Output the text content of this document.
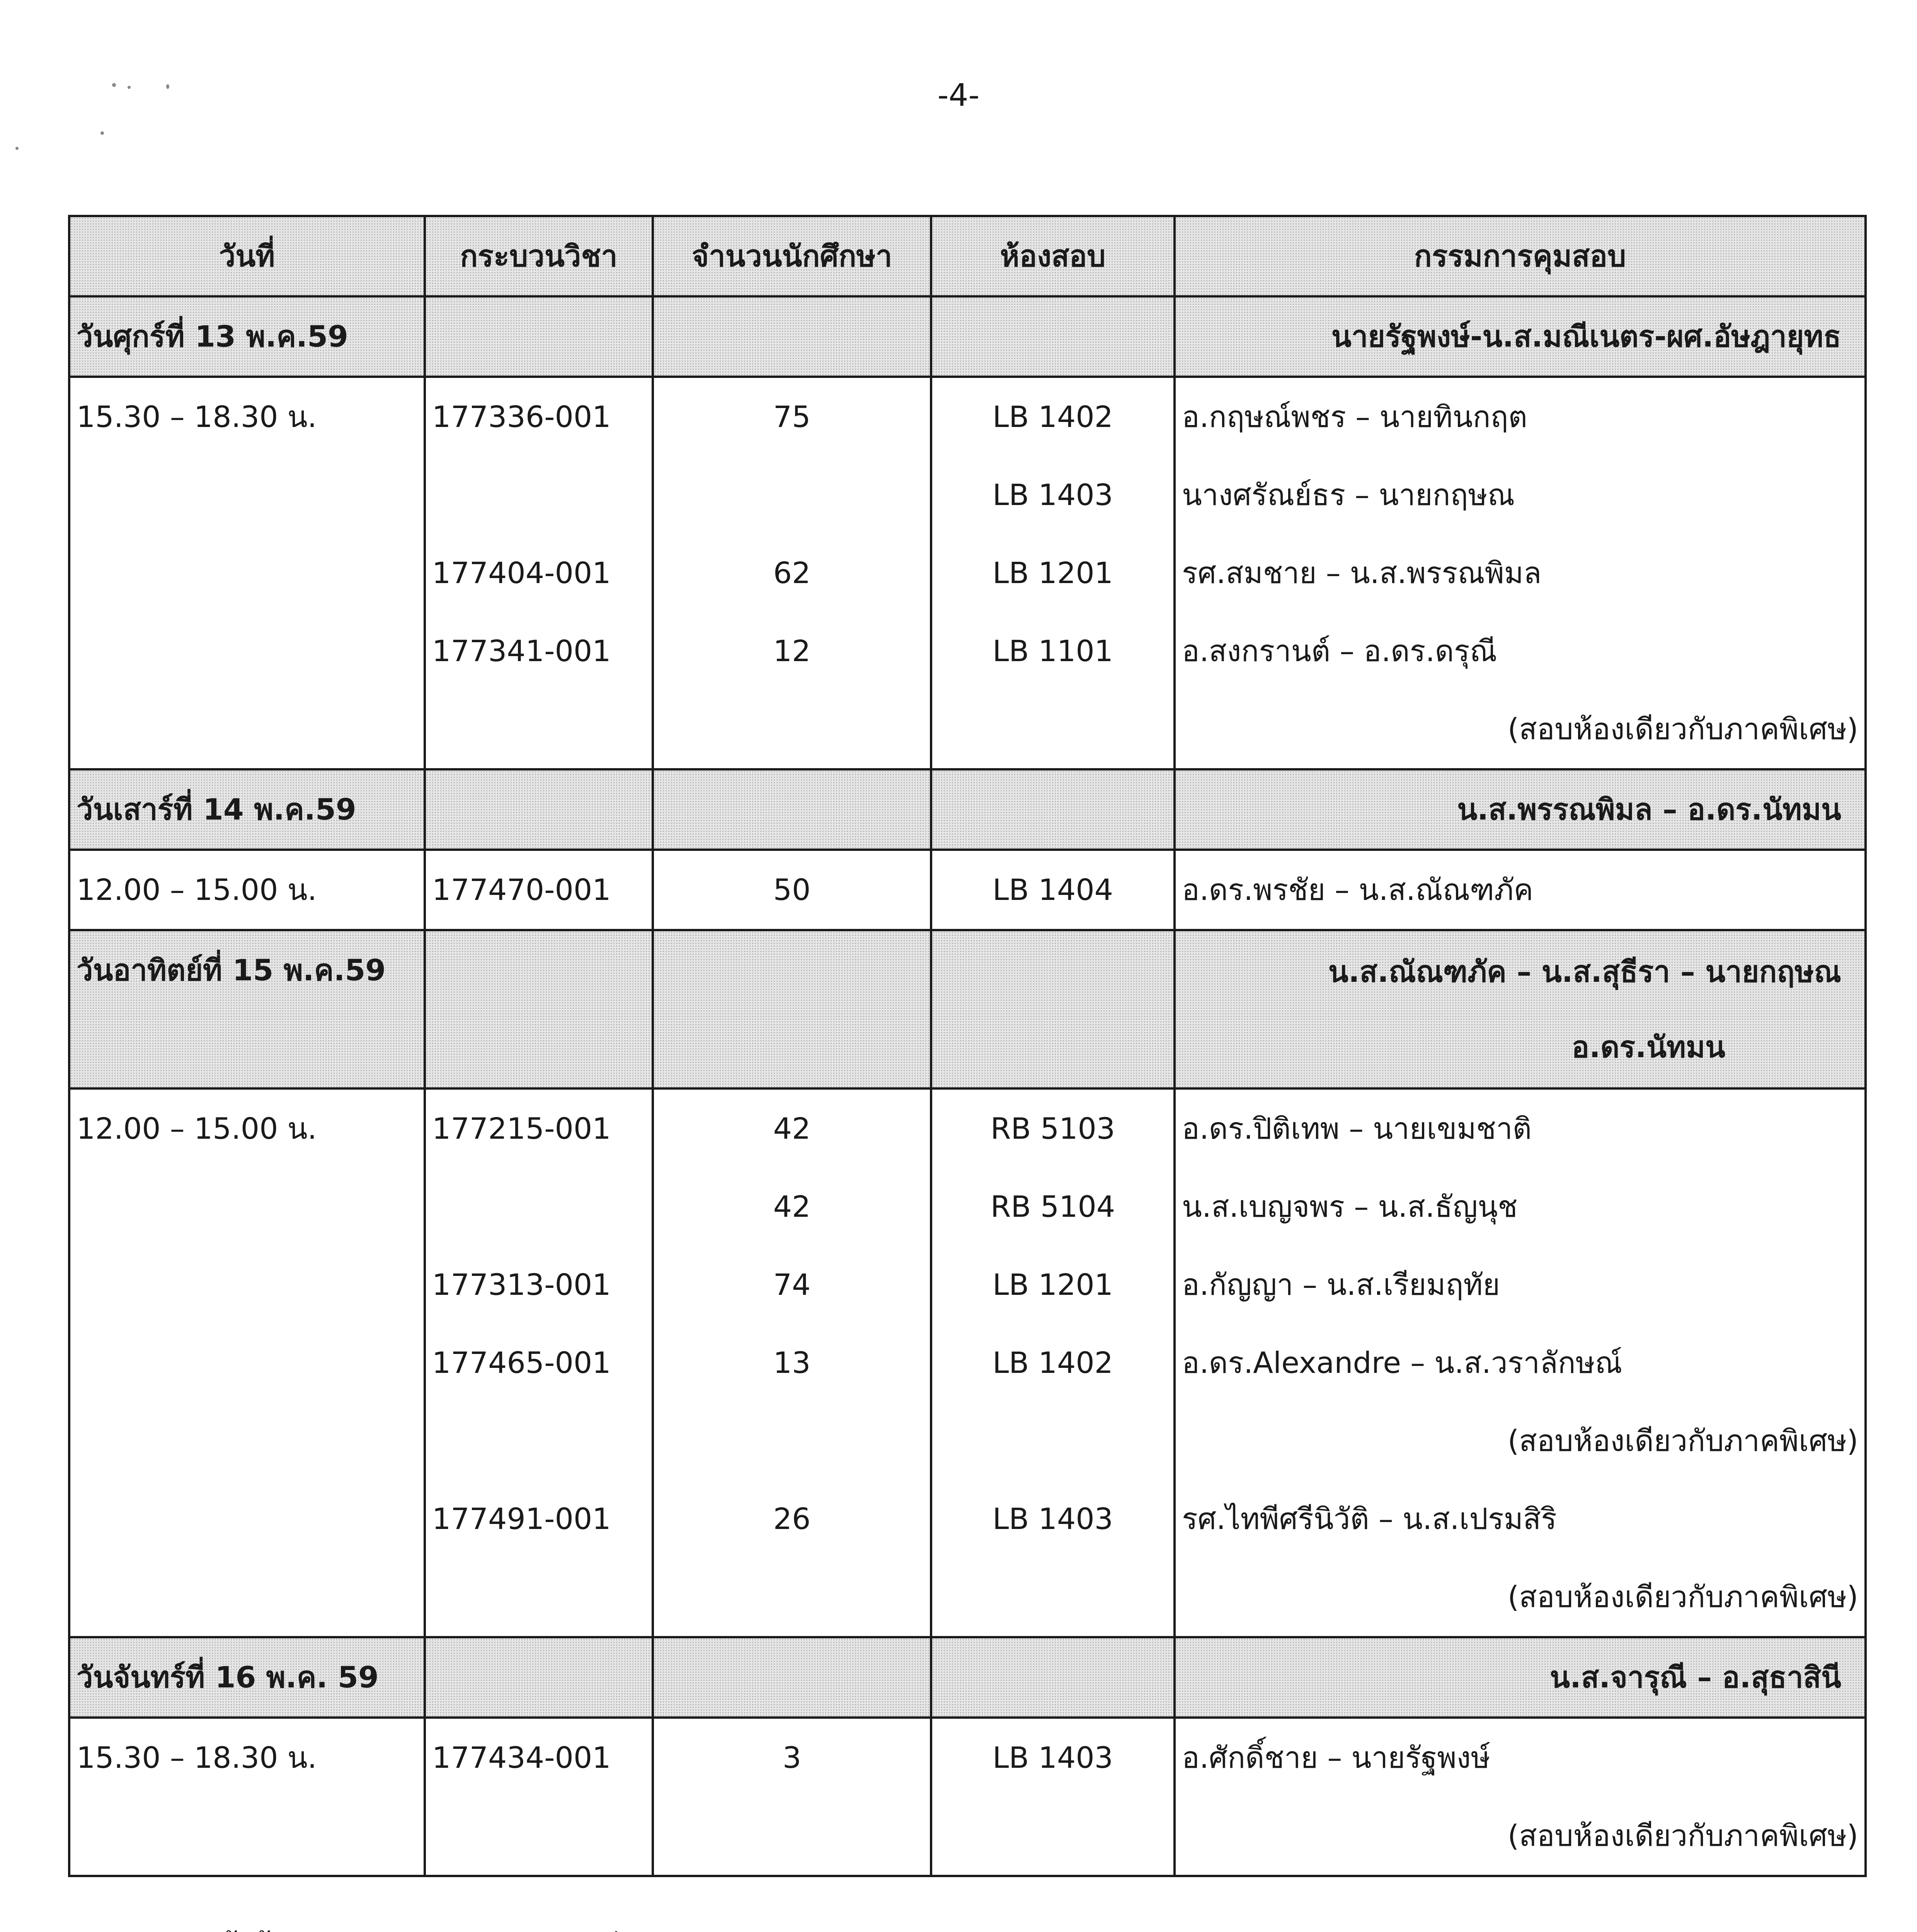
-4-
วันที่	กระบวนวิชา	จำนวนนักศึกษา	ห้องสอบ	กรรมการคุมสอบ
วันศุกร์ที่ 13 พ.ค.59				นายรัฐพงษ์-น.ส.มณีเนตร-ผศ.อัษฎายุทธ
15.30 – 18.30 น.	177336-001	75	LB 1402	อ.กฤษณ์พชร – นายทินกฤต
			LB 1403	นางศรัณย์ธร – นายกฤษณ
	177404-001	62	LB 1201	รศ.สมชาย – น.ส.พรรณพิมล
	177341-001	12	LB 1101	อ.สงกรานต์ – อ.ดร.ดรุณี
				(สอบห้องเดียวกับภาคพิเศษ)
วันเสาร์ที่ 14 พ.ค.59				น.ส.พรรณพิมล – อ.ดร.นัทมน
12.00 – 15.00 น.	177470-001	50	LB 1404	อ.ดร.พรชัย – น.ส.ณัณฑภัค
วันอาทิตย์ที่ 15 พ.ค.59				น.ส.ณัณฑภัค – น.ส.สุธีรา – นายกฤษณ
อ.ดร.นัทมน
12.00 – 15.00 น.	177215-001	42	RB 5103	อ.ดร.ปิติเทพ – นายเขมชาติ
		42	RB 5104	น.ส.เบญจพร – น.ส.ธัญนุช
	177313-001	74	LB 1201	อ.กัญญา – น.ส.เรียมฤทัย
	177465-001	13	LB 1402	อ.ดร.Alexandre – น.ส.วราลักษณ์
				(สอบห้องเดียวกับภาคพิเศษ)
	177491-001	26	LB 1403	รศ.ไทพีศรีนิวัติ – น.ส.เปรมสิริ
				(สอบห้องเดียวกับภาคพิเศษ)
วันจันทร์ที่ 16 พ.ค. 59				น.ส.จารุณี – อ.สุธาสินี
15.30 – 18.30 น.	177434-001	3	LB 1403	อ.ศักดิ์ชาย – นายรัฐพงษ์
				(สอบห้องเดียวกับภาคพิเศษ)
